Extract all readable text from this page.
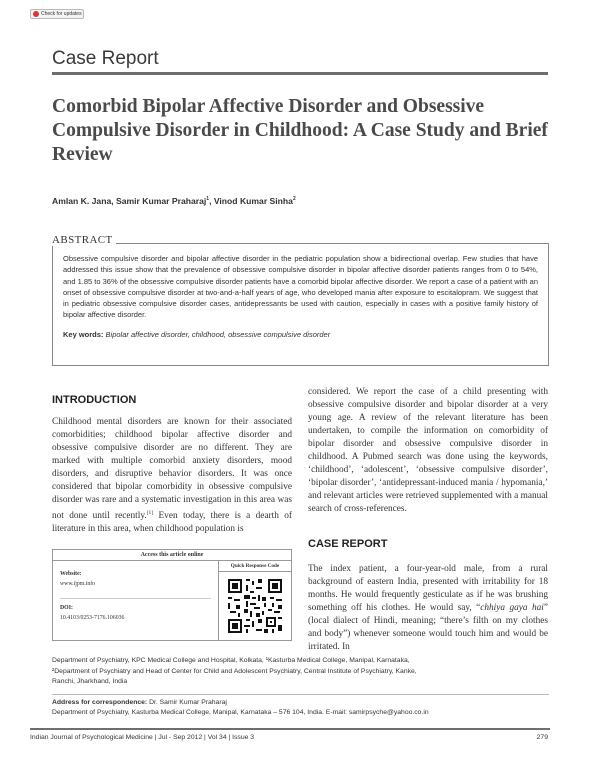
Check for updates
Case Report
Comorbid Bipolar Affective Disorder and Obsessive Compulsive Disorder in Childhood: A Case Study and Brief Review
Amlan K. Jana, Samir Kumar Praharaj$^1$, Vinod Kumar Sinha$^2$

Obsessive compulsive disorder and bipolar affective disorder in the pediatric population show a bidirectional overlap. Few studies that have addressed this issue show that the prevalence of obsessive compulsive disorder in bipolar affective disorder patients ranges from 0 to 54%, and 1.85 to 36% of the obsessive compulsive disorder patients have a comorbid bipolar affective disorder. We report a case of a patient with an onset of obsessive compulsive disorder at two-and-a-half years of age, who developed mania after exposure to escitalopram. We suggest that in pediatric obsessive compulsive disorder cases, antidepressants be used with caution, especially in cases with a positive family history of bipolar affective disorder.

Key words: Bipolar affective disorder, childhood, obsessive compulsive disorder

ABSTRACT
INTRODUCTION

Childhood mental disorders are known for their associated comorbidities; childhood bipolar affective disorder and obsessive compulsive disorder are no different. They are marked with multiple comorbid anxiety disorders, mood disorders, and disruptive behavior disorders. It was once considered that bipolar comorbidity in obsessive compulsive disorder was rare and a systematic investigation in this area was not done until recently.[1] Even today, there is a dearth of literature in this area, when childhood population is

considered. We report the case of a child presenting with obsessive compulsive disorder and bipolar disorder at a very young age. A review of the relevant literature has been undertaken, to compile the information on comorbidity of bipolar disorder and obsessive compulsive disorder in childhood. A Pubmed search was done using the keywords, ‘childhood’, ‘adolescent’, ‘obsessive compulsive disorder’, ‘bipolar disorder’, ‘antidepressant-induced mania / hypomania,’ and relevant articles were retrieved supplemented with a manual search of cross-references.

CASE REPORT

The index patient, a four-year-old male, from a rural background of eastern India, presented with irritability for 18 months. He would frequently gesticulate as if he was brushing something off his clothes. He would say, “chhiya gaya hai” (local dialect of Hindi, meaning; “there’s filth on my clothes and body”) whenever someone would touch him and would be irritated. In

Access this article online
Website:
www.ijpm.info
DOI:
10.4103/0253-7176.106036
Quick Response Code
Department of Psychiatry, KPC Medical College and Hospital, Kolkata, ¹Kasturba Medical College, Manipal, Karnataka,
²Department of Psychiatry and Head of Center for Child and Adolescent Psychiatry, Central Institute of Psychiatry, Kanke,
Ranchi, Jharkhand, India
Address for correspondence: Dr. Samir Kumar Praharaj
Department of Psychiatry, Kasturba Medical College, Manipal, Karnataka – 576 104, India. E-mail: samirpsyche@yahoo.co.in
Indian Journal of Psychological Medicine | Jul - Sep 2012 | Vol 34 | Issue 3	279
